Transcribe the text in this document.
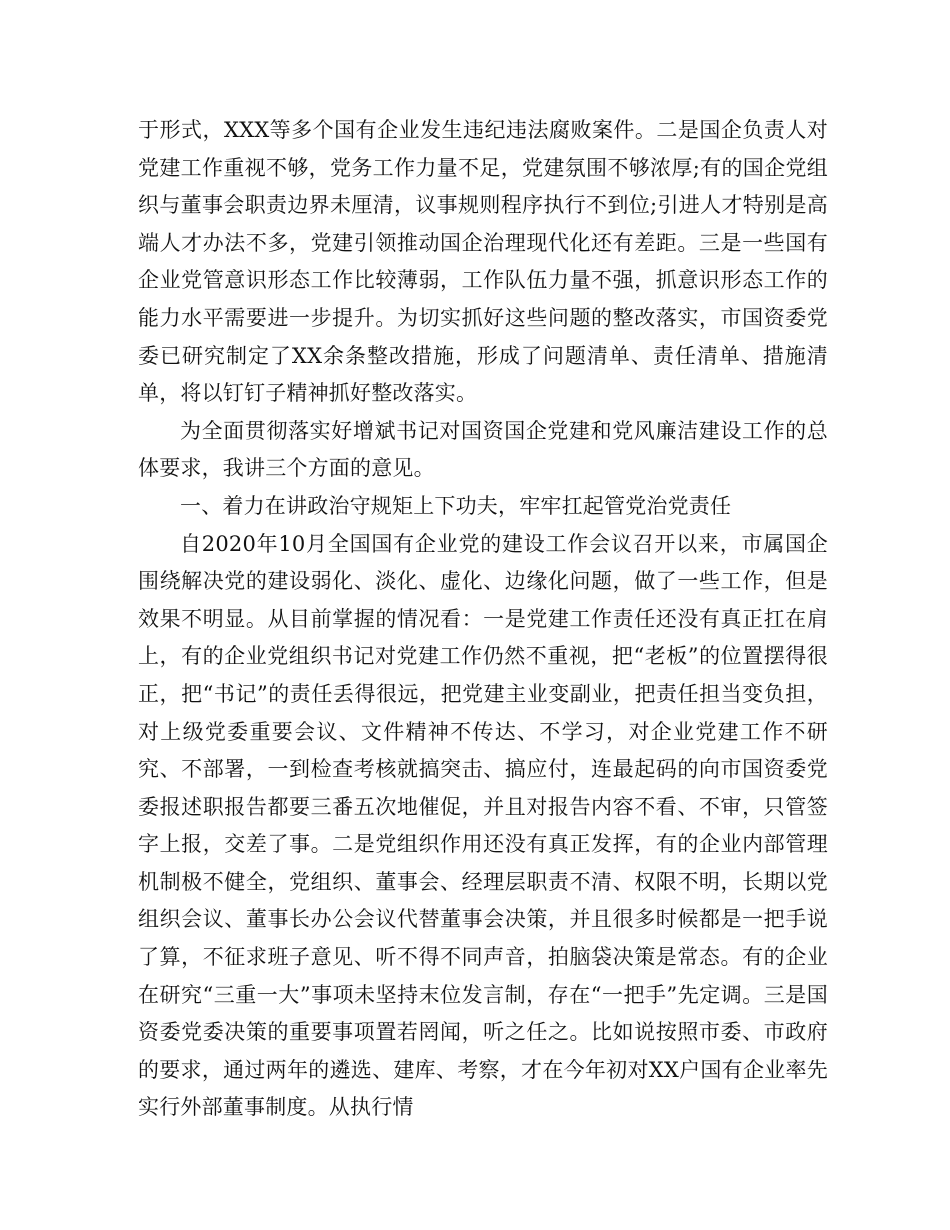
于形式，XXX等多个国有企业发生违纪违法腐败案件。二是国企负责人对党建工作重视不够，党务工作力量不足，党建氛围不够浓厚;有的国企党组织与董事会职责边界未厘清，议事规则程序执行不到位;引进人才特别是高端人才办法不多，党建引领推动国企治理现代化还有差距。三是一些国有企业党管意识形态工作比较薄弱，工作队伍力量不强，抓意识形态工作的能力水平需要进一步提升。为切实抓好这些问题的整改落实，市国资委党委已研究制定了XX余条整改措施，形成了问题清单、责任清单、措施清单，将以钉钉子精神抓好整改落实。

为全面贯彻落实好增斌书记对国资国企党建和党风廉洁建设工作的总体要求，我讲三个方面的意见。

一、着力在讲政治守规矩上下功夫，牢牢扛起管党治党责任

自2020年10月全国国有企业党的建设工作会议召开以来，市属国企围绕解决党的建设弱化、淡化、虚化、边缘化问题，做了一些工作，但是效果不明显。从目前掌握的情况看：一是党建工作责任还没有真正扛在肩上，有的企业党组织书记对党建工作仍然不重视，把“老板”的位置摆得很正，把“书记”的责任丢得很远，把党建主业变副业，把责任担当变负担，对上级党委重要会议、文件精神不传达、不学习，对企业党建工作不研究、不部署，一到检查考核就搞突击、搞应付，连最起码的向市国资委党委报述职报告都要三番五次地催促，并且对报告内容不看、不审，只管签字上报，交差了事。二是党组织作用还没有真正发挥，有的企业内部管理机制极不健全，党组织、董事会、经理层职责不清、权限不明，长期以党组织会议、董事长办公会议代替董事会决策，并且很多时候都是一把手说了算，不征求班子意见、听不得不同声音，拍脑袋决策是常态。有的企业在研究“三重一大”事项未坚持末位发言制，存在“一把手”先定调。三是国资委党委决策的重要事项置若罔闻，听之任之。比如说按照市委、市政府的要求，通过两年的遴选、建库、考察，才在今年初对XX户国有企业率先实行外部董事制度。从执行情
